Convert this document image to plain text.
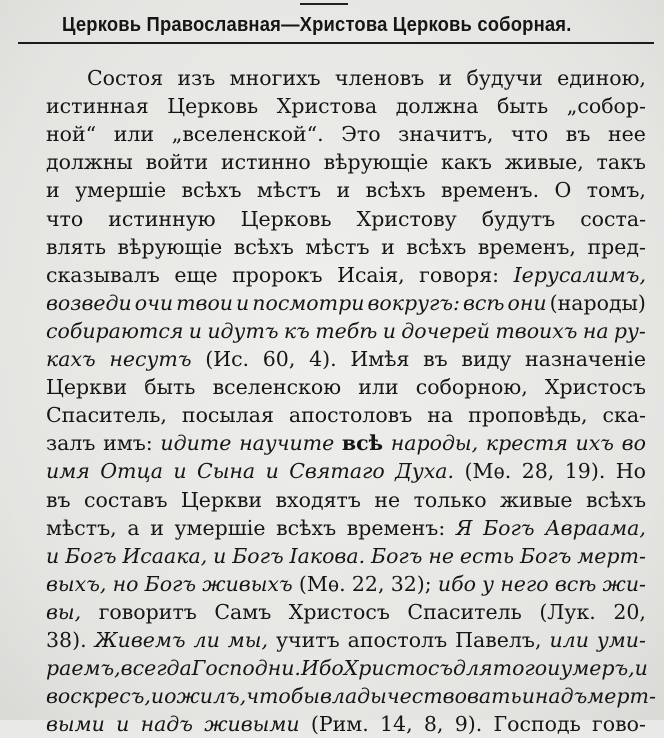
Церковь Православная—Христова Церковь соборная.
Состоя изъ многихъ членовъ и будучи единою,
истинная Церковь Христова должна быть „собор-
ной“ или „вселенской“. Это значитъ, что въ нее
должны войти истинно вѣрующіе какъ живые, такъ
и умершіе всѣхъ мѣстъ и всѣхъ временъ. О томъ,
что истинную Церковь Христову будутъ соста-
влять вѣрующіе всѣхъ мѣстъ и всѣхъ временъ, пред-
сказывалъ еще пророкъ Исаія, говоря: Іерусалимъ,
возведи очи твои и посмотри вокругъ: всѣ они (народы)
собираются и идутъ къ тебѣ и дочерей твоихъ на ру-
кахъ несутъ (Ис. 60, 4). Имѣя въ виду назначеніе
Церкви быть вселенскою или соборною, Христосъ
Спаситель, посылая апостоловъ на проповѣдь, ска-
залъ имъ: идите научите всѣ народы, крестя ихъ во
имя Отца и Сына и Святаго Духа. (Мѳ. 28, 19). Но
въ составъ Церкви входятъ не только живые всѣхъ
мѣстъ, а и умершіе всѣхъ временъ: Я Богъ Авраама,
и Богъ Исаака, и Богъ Іакова. Богъ не есть Богъ мерт-
выхъ, но Богъ живыхъ (Мѳ. 22, 32); ибо у него всѣ жи-
вы, говоритъ Самъ Христосъ Спаситель (Лук. 20,
38). Живемъ ли мы, учитъ апостолъ Павелъ, или уми-
раемъ, всегда Господни. Ибо Христосъ для того и умеръ, и
воскресъ, и ожилъ, чтобы владычествовать и надъ мерт-
выми и надъ живыми (Рим. 14, 8, 9). Господь гово-
